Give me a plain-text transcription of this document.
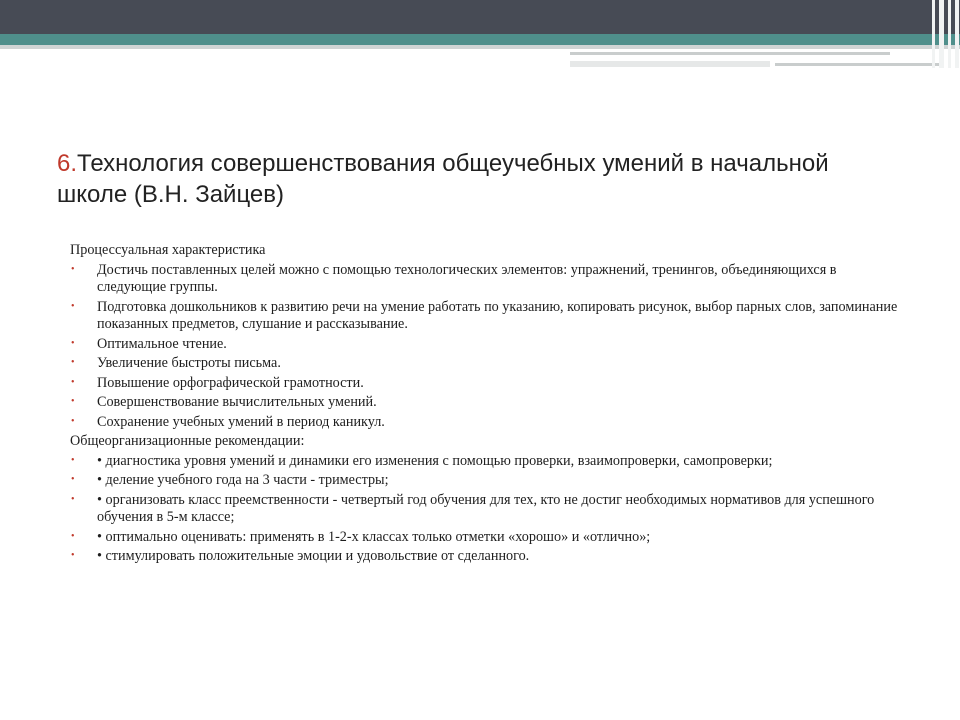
6.Технология совершенствования общеучебных умений в начальной школе (В.Н. Зайцев)
Процессуальная характеристика
• Достичь поставленных целей можно с помощью технологических элементов: упражнений, тренингов, объединяющихся в следующие группы.
• Подготовка дошкольников к развитию речи на умение работать по указанию, копировать рисунок, выбор парных слов, запоминание показанных предметов, слушание и рассказывание.
• Оптимальное чтение.
• Увеличение быстроты письма.
• Повышение орфографической грамотности.
• Совершенствование вычислительных умений.
• Сохранение учебных умений в период каникул.
Общеорганизационные рекомендации:
• • диагностика уровня умений и динамики его изменения с помощью проверки, взаимопроверки, самопроверки;
• • деление учебного года на 3 части - триместры;
• • организовать класс преемственности - четвертый год обучения для тех, кто не достиг необходимых нормативов для успешного обучения в 5-м классе;
• • оптимально оценивать: применять в 1-2-х классах только отметки «хорошо» и «отлично»;
• • стимулировать положительные эмоции и удовольствие от сделанного.
